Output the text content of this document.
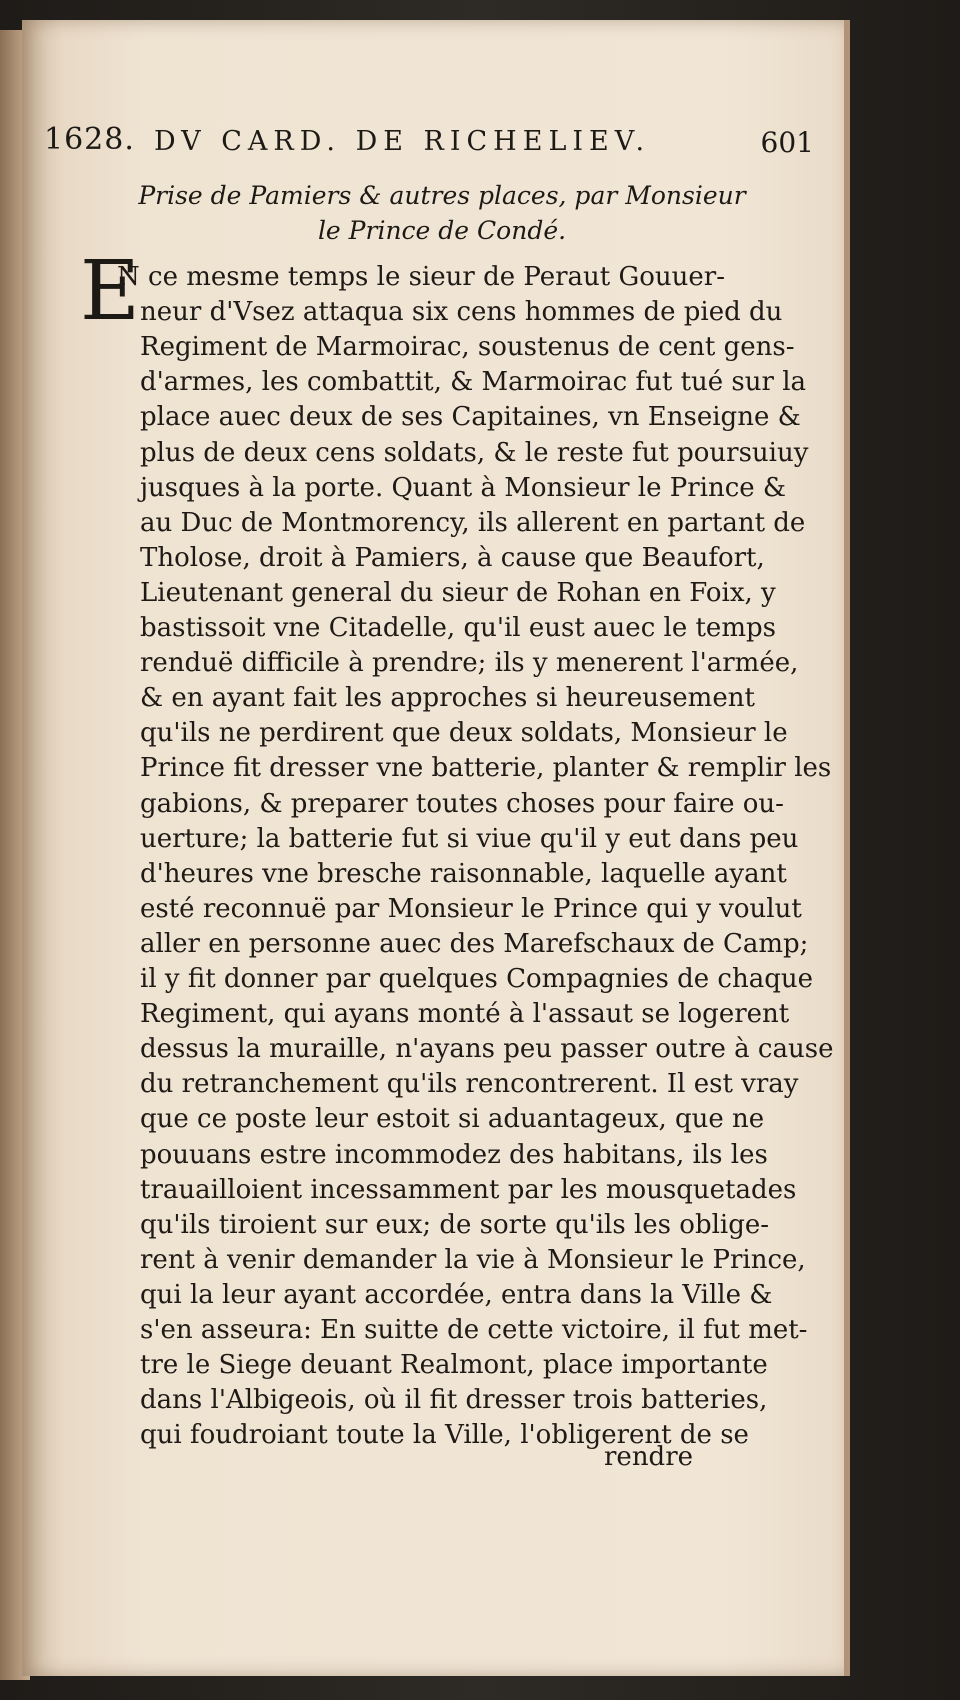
1628. DV CARD. DE RICHELIEV.	601
Prise de Pamiers & autres places, par Monsieur
le Prince de Condé.
E
N ce mesme temps le sieur de Peraut Gouuer-
neur d'Vsez attaqua six cens hommes de pied du
Regiment de Marmoirac, soustenus de cent gens-
d'armes, les combattit, & Marmoirac fut tué sur la
place auec deux de ses Capitaines, vn Enseigne &
plus de deux cens soldats, & le reste fut poursuiuy
jusques à la porte. Quant à Monsieur le Prince &
au Duc de Montmorency, ils allerent en partant de
Tholose, droit à Pamiers, à cause que Beaufort,
Lieutenant general du sieur de Rohan en Foix, y
bastissoit vne Citadelle, qu'il eust auec le temps
renduë difficile à prendre; ils y menerent l'armée,
& en ayant fait les approches si heureusement
qu'ils ne perdirent que deux soldats, Monsieur le
Prince fit dresser vne batterie, planter & remplir les
gabions, & preparer toutes choses pour faire ou-
uerture; la batterie fut si viue qu'il y eut dans peu
d'heures vne bresche raisonnable, laquelle ayant
esté reconnuë par Monsieur le Prince qui y voulut
aller en personne auec des Marefschaux de Camp;
il y fit donner par quelques Compagnies de chaque
Regiment, qui ayans monté à l'assaut se logerent
dessus la muraille, n'ayans peu passer outre à cause
du retranchement qu'ils rencontrerent. Il est vray
que ce poste leur estoit si aduantageux, que ne
pouuans estre incommodez des habitans, ils les
trauailloient incessamment par les mousquetades
qu'ils tiroient sur eux; de sorte qu'ils les oblige-
rent à venir demander la vie à Monsieur le Prince,
qui la leur ayant accordée, entra dans la Ville &
s'en asseura: En suitte de cette victoire, il fut met-
tre le Siege deuant Realmont, place importante
dans l'Albigeois, où il fit dresser trois batteries,
qui foudroiant toute la Ville, l'obligerent de se
rendre
